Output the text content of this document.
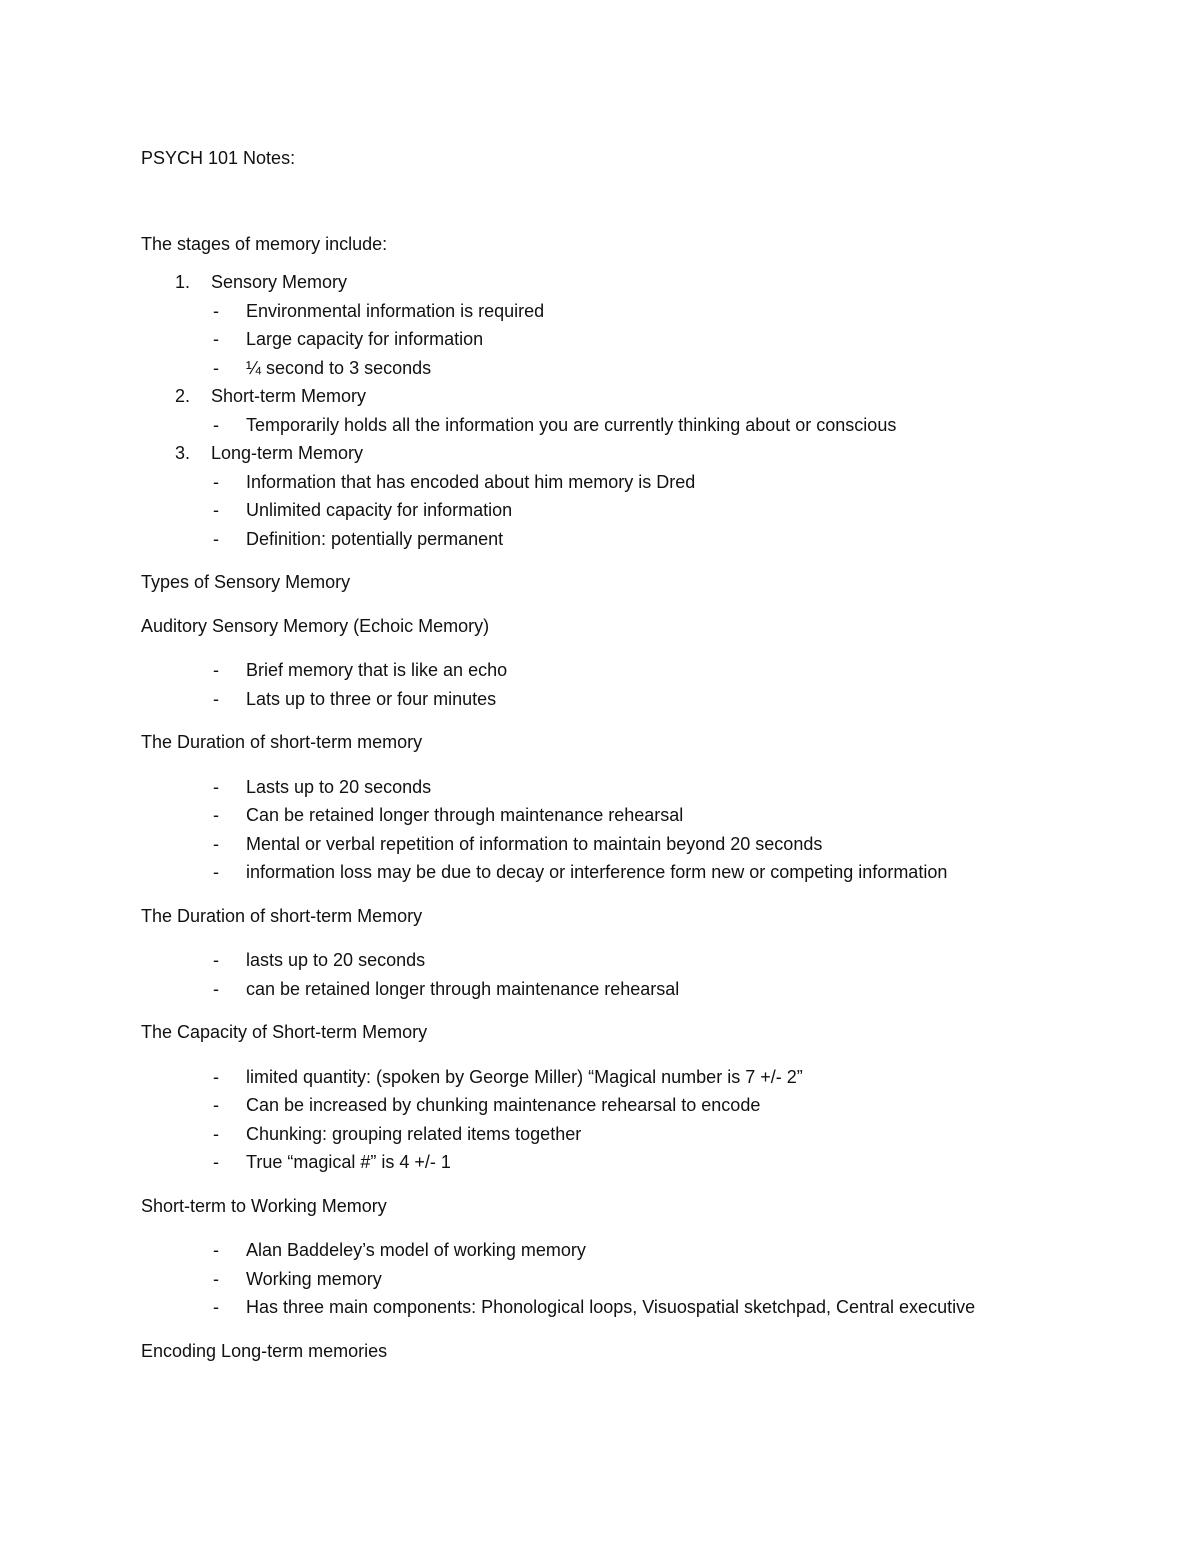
PSYCH 101 Notes:

The stages of memory include:
1. Sensory Memory
- Environmental information is required
- Large capacity for information
- ¼ second to 3 seconds
2. Short-term Memory
- Temporarily holds all the information you are currently thinking about or conscious
3. Long-term Memory
- Information that has encoded about him memory is Dred
- Unlimited capacity for information
- Definition: potentially permanent
Types of Sensory Memory
Auditory Sensory Memory (Echoic Memory)
- Brief memory that is like an echo
- Lats up to three or four minutes
The Duration of short-term memory
- Lasts up to 20 seconds
- Can be retained longer through maintenance rehearsal
- Mental or verbal repetition of information to maintain beyond 20 seconds
- information loss may be due to decay or interference form new or competing information
The Duration of short-term Memory
- lasts up to 20 seconds
- can be retained longer through maintenance rehearsal
The Capacity of Short-term Memory
- limited quantity: (spoken by George Miller) “Magical number is 7 +/- 2”
- Can be increased by chunking maintenance rehearsal to encode
- Chunking: grouping related items together
- True “magical #” is 4 +/- 1
Short-term to Working Memory
- Alan Baddeley’s model of working memory
- Working memory
- Has three main components: Phonological loops, Visuospatial sketchpad, Central executive
Encoding Long-term memories
